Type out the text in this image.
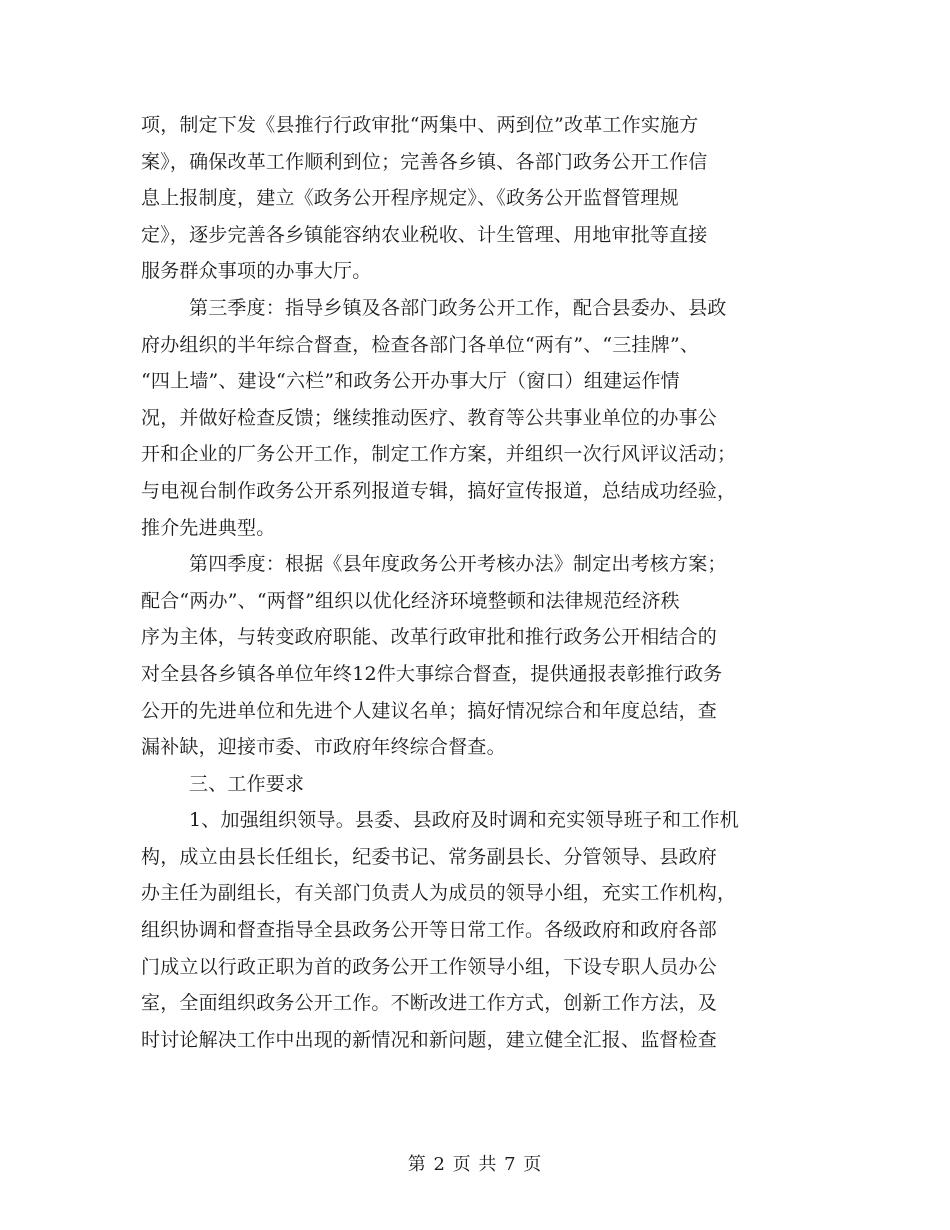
项，制定下发《县推行行政审批“两集中、两到位”改革工作实施方
案》，确保改革工作顺利到位；完善各乡镇、各部门政务公开工作信
息上报制度，建立《政务公开程序规定》、《政务公开监督管理规
定》，逐步完善各乡镇能容纳农业税收、计生管理、用地审批等直接
服务群众事项的办事大厅。
第三季度：指导乡镇及各部门政务公开工作，配合县委办、县政
府办组织的半年综合督查，检查各部门各单位“两有”、“三挂牌”、
“四上墙”、建设“六栏”和政务公开办事大厅（窗口）组建运作情
况，并做好检查反馈；继续推动医疗、教育等公共事业单位的办事公
开和企业的厂务公开工作，制定工作方案，并组织一次行风评议活动；
与电视台制作政务公开系列报道专辑，搞好宣传报道，总结成功经验，
推介先进典型。
第四季度：根据《县年度政务公开考核办法》制定出考核方案；
配合“两办”、“两督”组织以优化经济环境整顿和法律规范经济秩
序为主体，与转变政府职能、改革行政审批和推行政务公开相结合的
对全县各乡镇各单位年终12件大事综合督查，提供通报表彰推行政务
公开的先进单位和先进个人建议名单；搞好情况综合和年度总结，查
漏补缺，迎接市委、市政府年终综合督查。
三、工作要求
1、加强组织领导。县委、县政府及时调和充实领导班子和工作机
构，成立由县长任组长，纪委书记、常务副县长、分管领导、县政府
办主任为副组长，有关部门负责人为成员的领导小组，充实工作机构，
组织协调和督查指导全县政务公开等日常工作。各级政府和政府各部
门成立以行政正职为首的政务公开工作领导小组，下设专职人员办公
室，全面组织政务公开工作。不断改进工作方式，创新工作方法，及
时讨论解决工作中出现的新情况和新问题，建立健全汇报、监督检查
第 2 页 共 7 页
